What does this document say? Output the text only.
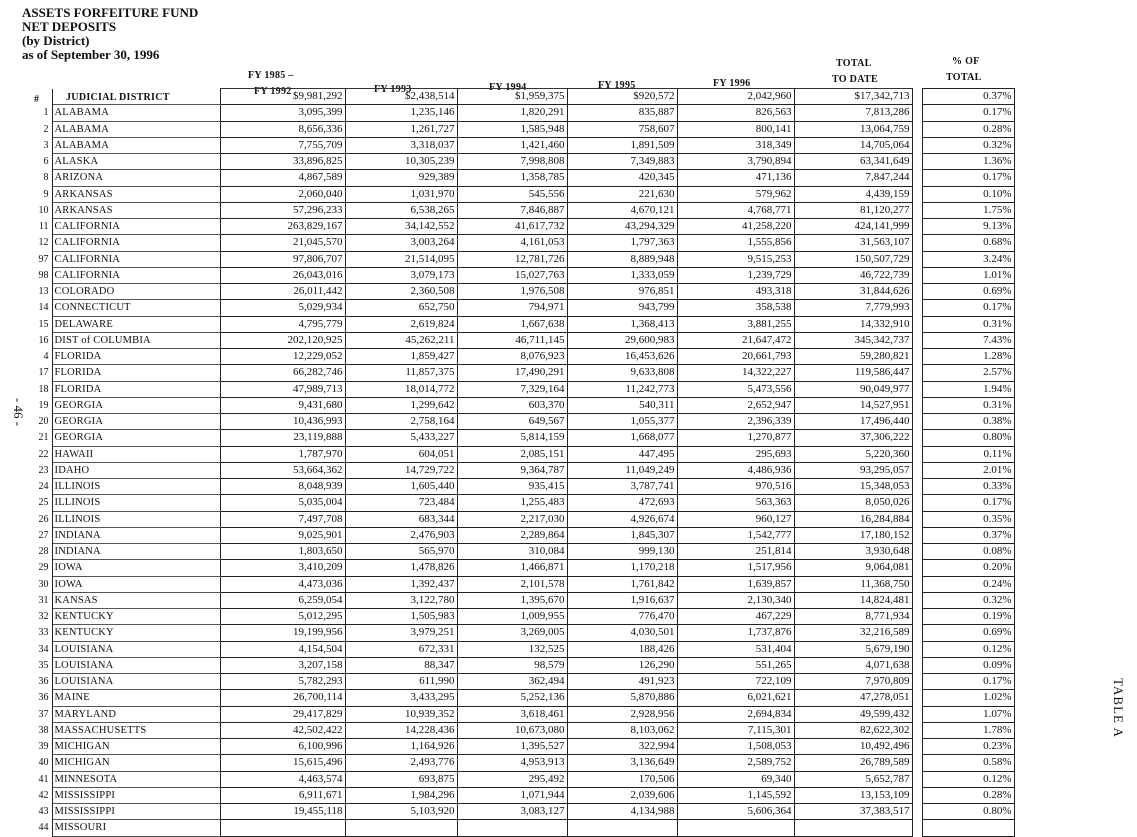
ASSETS FORFEITURE FUND
NET DEPOSITS
(by District)
as of September 30, 1996
FY 1985 –
FY 1992	FY 1993	FY 1994	FY 1995	FY 1996
TOTAL
TO DATE
% OF
TOTAL
#	JUDICIAL DISTRICT
			$9,981,292	$2,438,514	$1,959,375	$920,572	2,042,960	$17,342,713		0.37%
1	ALABAMA	3,095,399	1,235,146	1,820,291	835,887	826,563	7,813,286		0.17%
2	ALABAMA	8,656,336	1,261,727	1,585,948	758,607	800,141	13,064,759		0.28%
3	ALABAMA	7,755,709	3,318,037	1,421,460	1,891,509	318,349	14,705,064		0.32%
6	ALASKA	33,896,825	10,305,239	7,998,808	7,349,883	3,790,894	63,341,649		1.36%
8	ARIZONA	4,867,589	929,389	1,358,785	420,345	471,136	7,847,244		0.17%
9	ARKANSAS	2,060,040	1,031,970	545,556	221,630	579,962	4,439,159		0.10%
10	ARKANSAS	57,296,233	6,538,265	7,846,887	4,670,121	4,768,771	81,120,277		1.75%
11	CALIFORNIA	263,829,167	34,142,552	41,617,732	43,294,329	41,258,220	424,141,999		9.13%
12	CALIFORNIA	21,045,570	3,003,264	4,161,053	1,797,363	1,555,856	31,563,107		0.68%
97	CALIFORNIA	97,806,707	21,514,095	12,781,726	8,889,948	9,515,253	150,507,729		3.24%
98	CALIFORNIA	26,043,016	3,079,173	15,027,763	1,333,059	1,239,729	46,722,739		1.01%
13	COLORADO	26,011,442	2,360,508	1,976,508	976,851	493,318	31,844,626		0.69%
14	CONNECTICUT	5,029,934	652,750	794,971	943,799	358,538	7,779,993		0.17%
15	DELAWARE	4,795,779	2,619,824	1,667,638	1,368,413	3,881,255	14,332,910		0.31%
16	DIST of COLUMBIA	202,120,925	45,262,211	46,711,145	29,600,983	21,647,472	345,342,737		7.43%
4	FLORIDA	12,229,052	1,859,427	8,076,923	16,453,626	20,661,793	59,280,821		1.28%
17	FLORIDA	66,282,746	11,857,375	17,490,291	9,633,808	14,322,227	119,586,447		2.57%
18	FLORIDA	47,989,713	18,014,772	7,329,164	11,242,773	5,473,556	90,049,977		1.94%
19	GEORGIA	9,431,680	1,299,642	603,370	540,311	2,652,947	14,527,951		0.31%
20	GEORGIA	10,436,993	2,758,164	649,567	1,055,377	2,396,339	17,496,440		0.38%
21	GEORGIA	23,119,888	5,433,227	5,814,159	1,668,077	1,270,877	37,306,222		0.80%
22	HAWAII	1,787,970	604,051	2,085,151	447,495	295,693	5,220,360		0.11%
23	IDAHO	53,664,362	14,729,722	9,364,787	11,049,249	4,486,936	93,295,057		2.01%
24	ILLINOIS	8,048,939	1,605,440	935,415	3,787,741	970,516	15,348,053		0.33%
25	ILLINOIS	5,035,004	723,484	1,255,483	472,693	563,363	8,050,026		0.17%
26	ILLINOIS	7,497,708	683,344	2,217,030	4,926,674	960,127	16,284,884		0.35%
27	INDIANA	9,025,901	2,476,903	2,289,864	1,845,307	1,542,777	17,180,152		0.37%
28	INDIANA	1,803,650	565,970	310,084	999,130	251,814	3,930,648		0.08%
29	IOWA	3,410,209	1,478,826	1,466,871	1,170,218	1,517,956	9,064,081		0.20%
30	IOWA	4,473,036	1,392,437	2,101,578	1,761,842	1,639,857	11,368,750		0.24%
31	KANSAS	6,259,054	3,122,780	1,395,670	1,916,637	2,130,340	14,824,481		0.32%
32	KENTUCKY	5,012,295	1,505,983	1,009,955	776,470	467,229	8,771,934		0.19%
33	KENTUCKY	19,199,956	3,979,251	3,269,005	4,030,501	1,737,876	32,216,589		0.69%
34	LOUISIANA	4,154,504	672,331	132,525	188,426	531,404	5,679,190		0.12%
35	LOUISIANA	3,207,158	88,347	98,579	126,290	551,265	4,071,638		0.09%
36	LOUISIANA	5,782,293	611,990	362,494	491,923	722,109	7,970,809		0.17%
36	MAINE	26,700,114	3,433,295	5,252,136	5,870,886	6,021,621	47,278,051		1.02%
37	MARYLAND	29,417,829	10,939,352	3,618,461	2,928,956	2,694,834	49,599,432		1.07%
38	MASSACHUSETTS	42,502,422	14,228,436	10,673,080	8,103,062	7,115,301	82,622,302		1.78%
39	MICHIGAN	6,100,996	1,164,926	1,395,527	322,994	1,508,053	10,492,496		0.23%
40	MICHIGAN	15,615,496	2,493,776	4,953,913	3,136,649	2,589,752	26,789,589		0.58%
41	MINNESOTA	4,463,574	693,875	295,492	170,506	69,340	5,652,787		0.12%
42	MISSISSIPPI	6,911,671	1,984,296	1,071,944	2,039,606	1,145,592	13,153,109		0.28%
43	MISSISSIPPI	19,455,118	5,103,920	3,083,127	4,134,988	5,606,364	37,383,517		0.80%
44	MISSOURI								
- 46 -
TABLE A
